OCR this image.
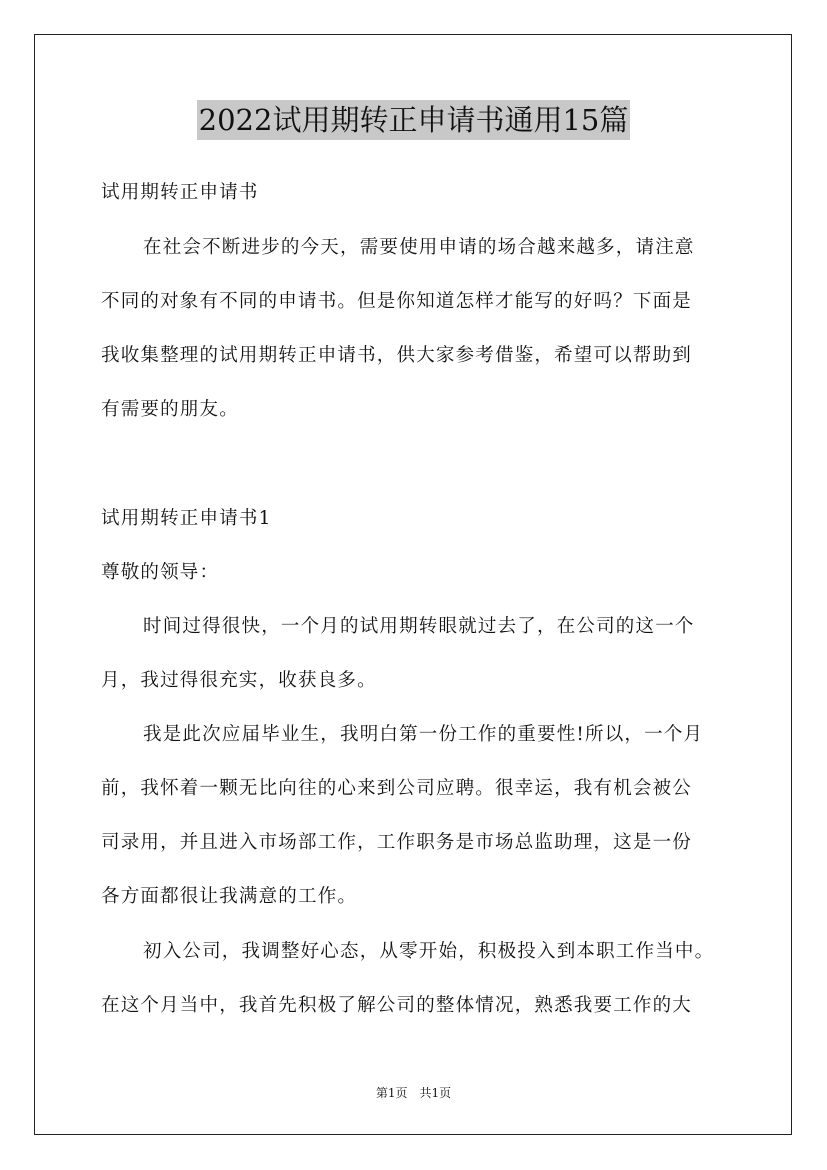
2022试用期转正申请书通用15篇
试用期转正申请书
在社会不断进步的今天，需要使用申请的场合越来越多，请注意
不同的对象有不同的申请书。但是你知道怎样才能写的好吗？下面是
我收集整理的试用期转正申请书，供大家参考借鉴，希望可以帮助到
有需要的朋友。
试用期转正申请书1
尊敬的领导：
时间过得很快，一个月的试用期转眼就过去了，在公司的这一个
月，我过得很充实，收获良多。
我是此次应届毕业生，我明白第一份工作的重要性!所以，一个月
前，我怀着一颗无比向往的心来到公司应聘。很幸运，我有机会被公
司录用，并且进入市场部工作，工作职务是市场总监助理，这是一份
各方面都很让我满意的工作。
初入公司，我调整好心态，从零开始，积极投入到本职工作当中。
在这个月当中，我首先积极了解公司的整体情况，熟悉我要工作的大
第1页　共1页
